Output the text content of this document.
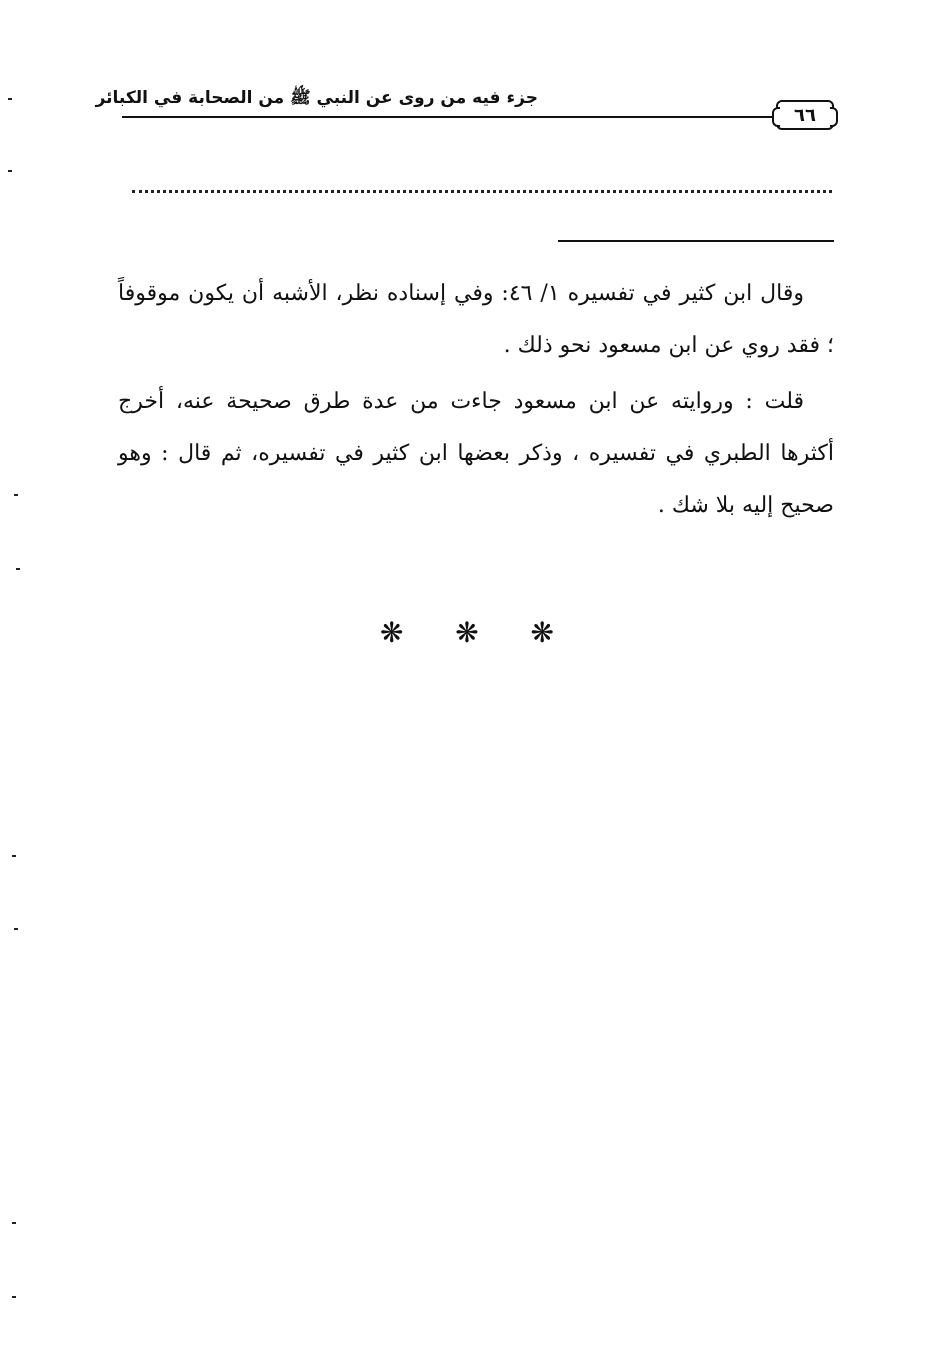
جزء فيه من روى عن النبي ﷺ من الصحابة في الكبائر
٦٦

وقال ابن كثير في تفسيره ١/ ٤٦: وفي إسناده نظر، الأشبه أن يكون موقوفاً ؛ فقد روي عن ابن مسعود نحو ذلك .

قلت : وروايته عن ابن مسعود جاءت من عدة طرق صحيحة عنه، أخرج أكثرها الطبري في تفسيره ، وذكر بعضها ابن كثير في تفسيره، ثم قال : وهو صحيح إليه بلا شك .

❋
❋
❋
